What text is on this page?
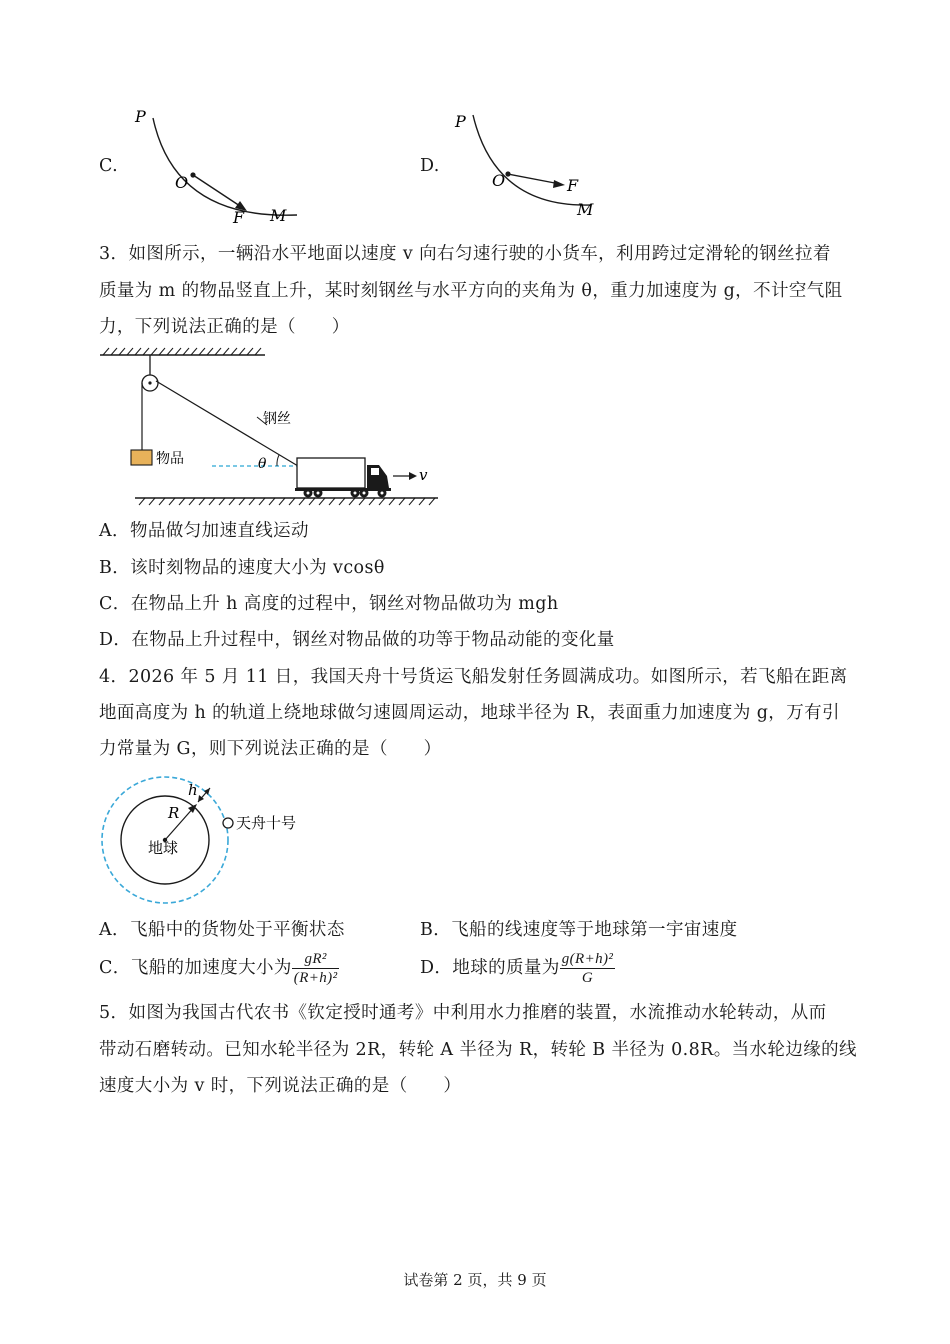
C.
P
O
F M
D.
P
O	F
M
3．如图所示，一辆沿水平地面以速度 v 向右匀速行驶的小货车，利用跨过定滑轮的钢丝拉着
质量为 m 的物品竖直上升，某时刻钢丝与水平方向的夹角为 θ，重力加速度为 g，不计空气阻
力，下列说法正确的是（　　）
物品
钢丝
θ
v
A．物品做匀加速直线运动
B．该时刻物品的速度大小为 vcosθ
C．在物品上升 h 高度的过程中，钢丝对物品做功为 mgh
D．在物品上升过程中，钢丝对物品做的功等于物品动能的变化量
4．2026 年 5 月 11 日，我国天舟十号货运飞船发射任务圆满成功。如图所示，若飞船在距离
地面高度为 h 的轨道上绕地球做匀速圆周运动，地球半径为 R，表面重力加速度为 g，万有引
力常量为 G，则下列说法正确的是（　　）
h
R
地球
天舟十号
A．飞船中的货物处于平衡状态	B．飞船的线速度等于地球第一宇宙速度
C．飞船的加速度大小为 $\frac{\text{gR²}}{\text{(R+h)²}}$	D．地球的质量为 $\frac{\text{g(R+h)²}}{G}$
5．如图为我国古代农书《钦定授时通考》中利用水力推磨的装置，水流推动水轮转动，从而
带动石磨转动。已知水轮半径为 2R，转轮 A 半径为 R，转轮 B 半径为 0.8R。当水轮边缘的线
速度大小为 v 时，下列说法正确的是（　　）
试卷第 2 页，共 9 页
